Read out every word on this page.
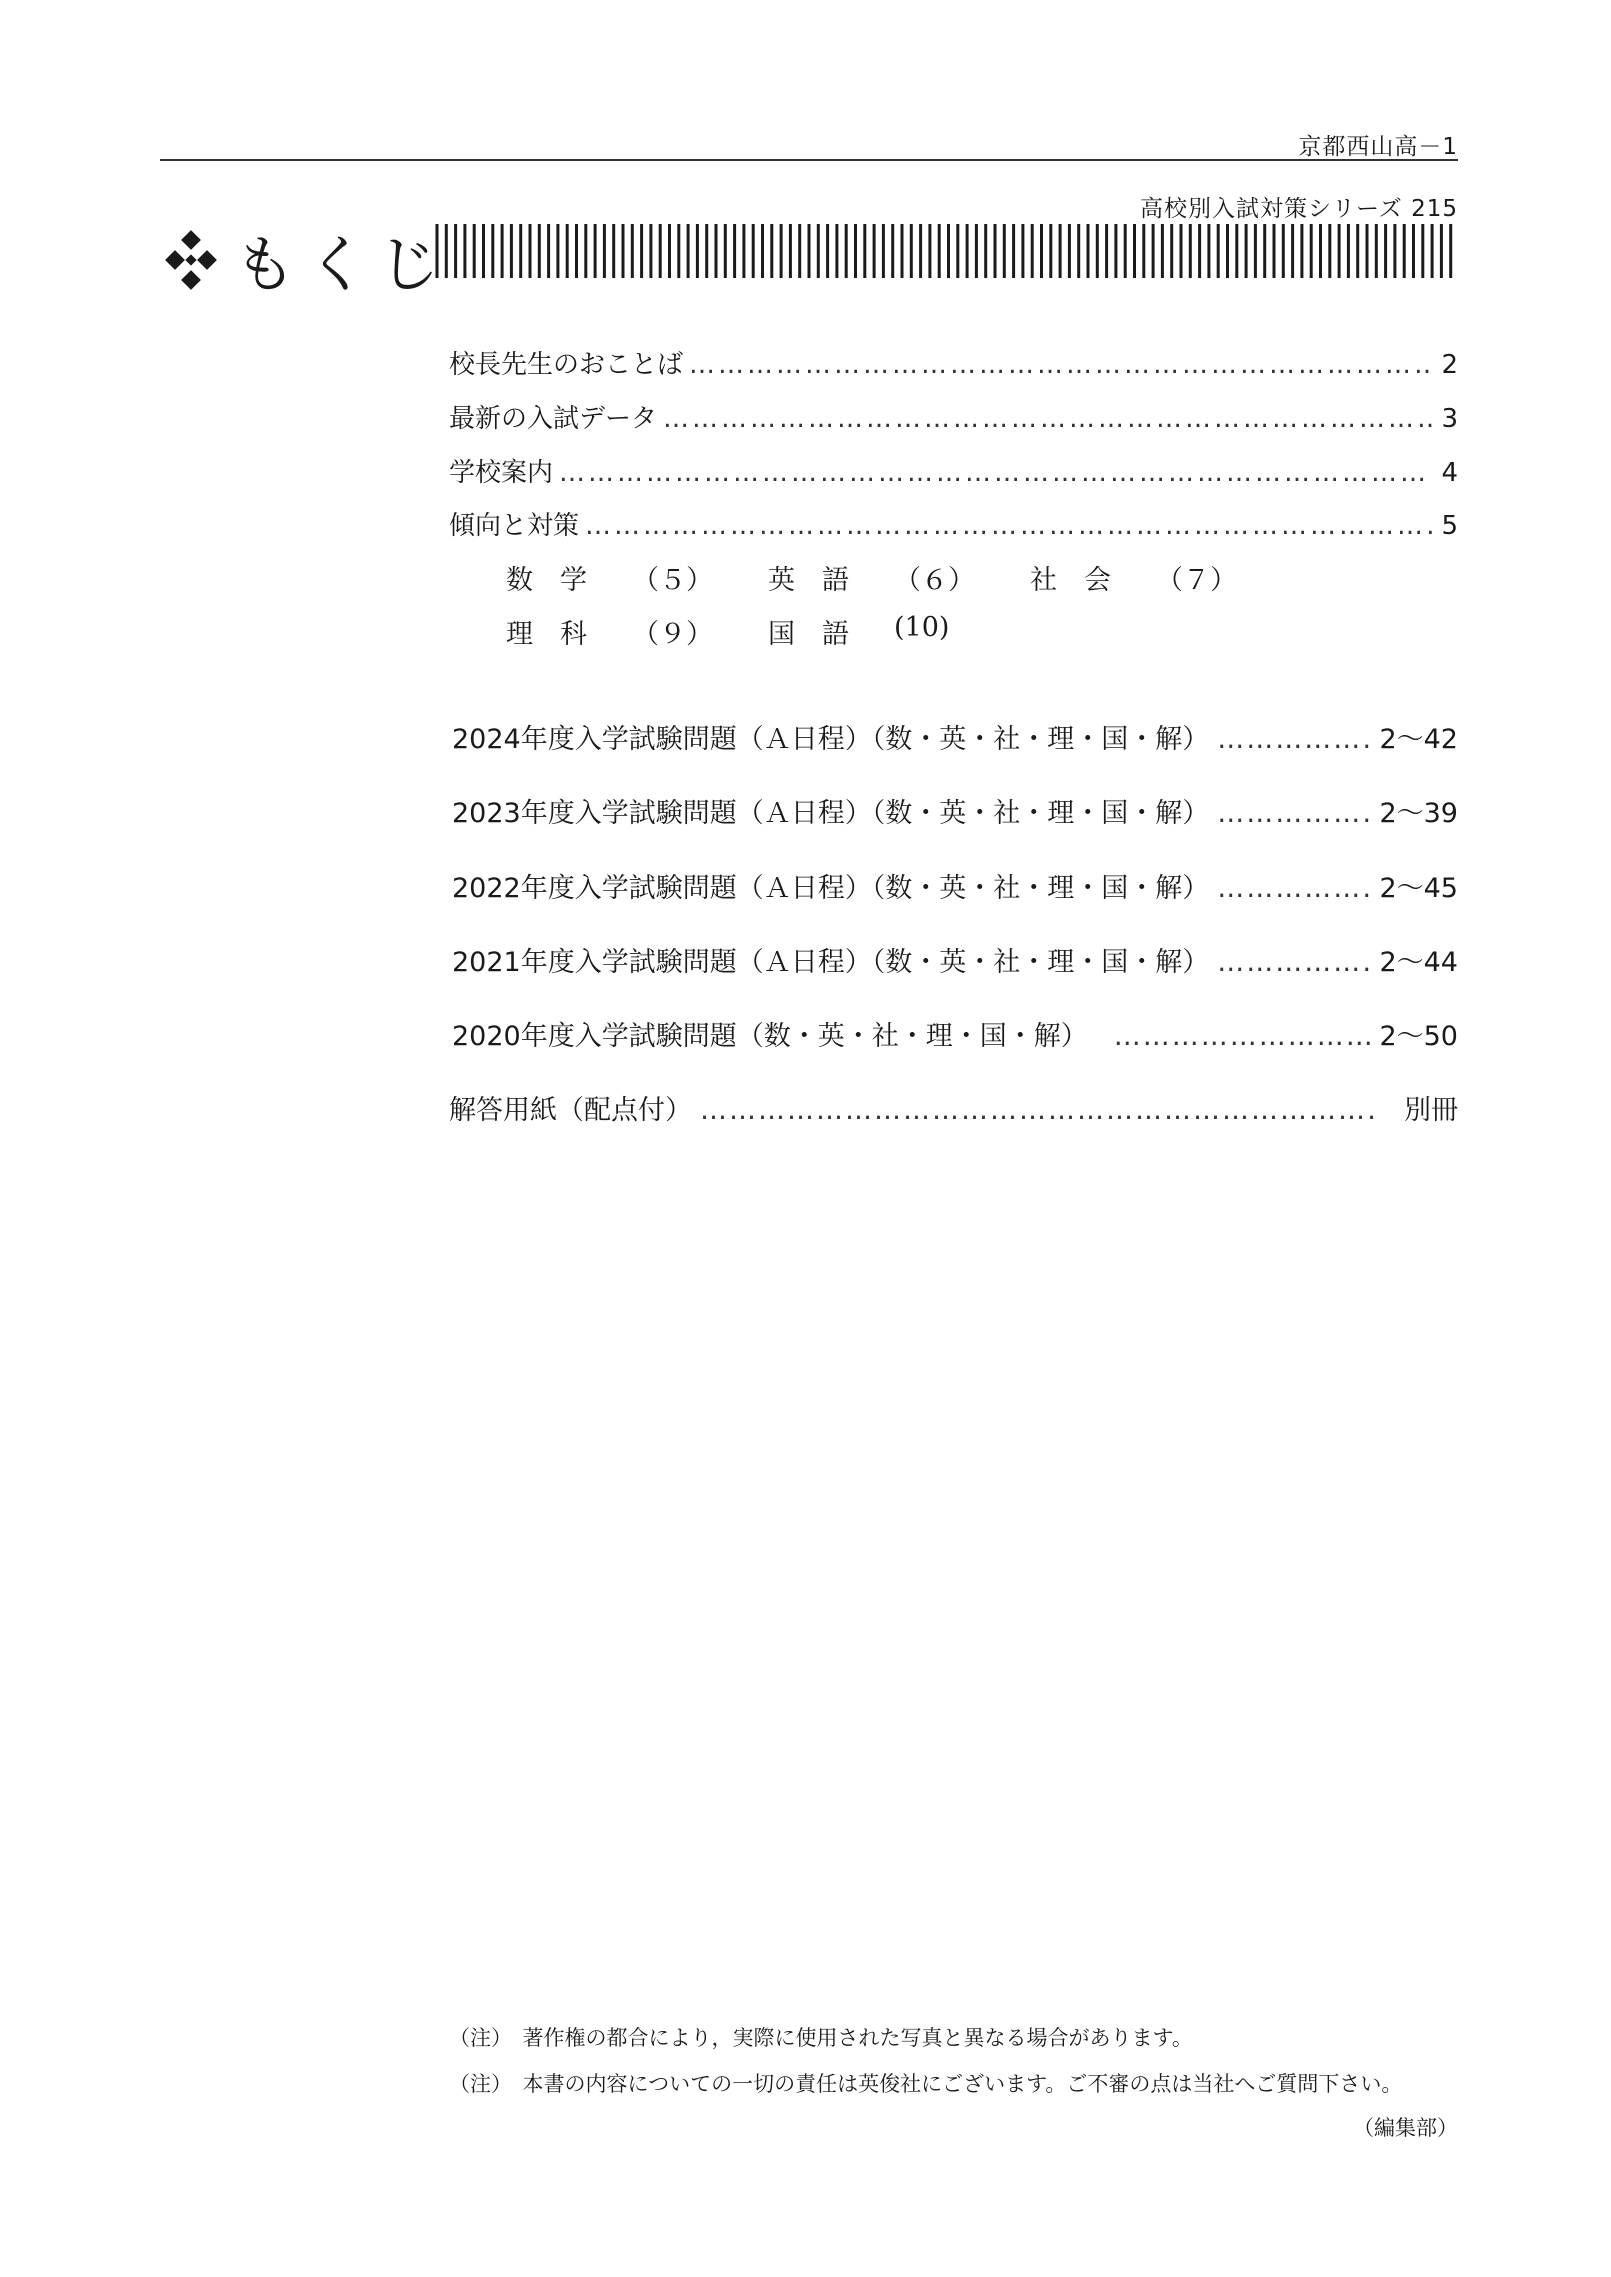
京都西山高－1
高校別入試対策シリーズ 215
もくじ
校長先生のおことば ……………………………………………………………………………………………………………………………………………………………………………………………………………………	2
最新の入試データ ……………………………………………………………………………………………………………………………………………………………………………………………………………………	3
学校案内 ……………………………………………………………………………………………………………………………………………………………………………………………………………………	4
傾向と対策 ……………………………………………………………………………………………………………………………………………………………………………………………………………………	5
数　学 （５） 英　語 （６） 社　会 （７）
理　科 （９） 国　語 (10)
2024年度入学試験問題（Ａ日程）（数・英・社・理・国・解） …………………………………………………………………………………………………………	2～42
2023年度入学試験問題（Ａ日程）（数・英・社・理・国・解） …………………………………………………………………………………………………………	2～39
2022年度入学試験問題（Ａ日程）（数・英・社・理・国・解） …………………………………………………………………………………………………………	2～45
2021年度入学試験問題（Ａ日程）（数・英・社・理・国・解） …………………………………………………………………………………………………………	2～44
2020年度入学試験問題（数・英・社・理・国・解） …………………………………………………………………………………………………………	2～50
解答用紙（配点付） …………………………………………………………………………………………………………	別冊
（注）　著作権の都合により，実際に使用された写真と異なる場合があります。
（注）　本書の内容についての一切の責任は英俊社にございます。ご不審の点は当社へご質問下さい。
（編集部）
